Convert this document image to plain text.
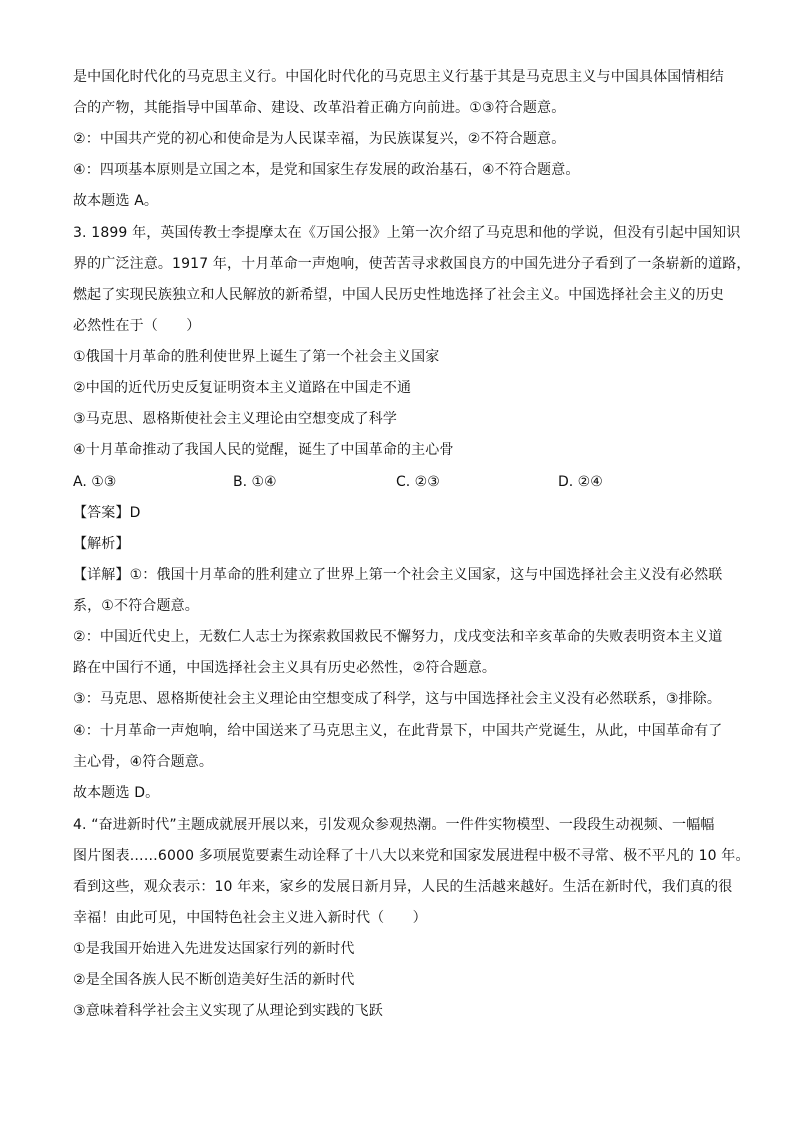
是中国化时代化的马克思主义行。中国化时代化的马克思主义行基于其是马克思主义与中国具体国情相结
合的产物，其能指导中国革命、建设、改革沿着正确方向前进。①③符合题意。
②：中国共产党的初心和使命是为人民谋幸福，为民族谋复兴，②不符合题意。
④：四项基本原则是立国之本，是党和国家生存发展的政治基石，④不符合题意。
故本题选 A。
3. 1899 年，英国传教士李提摩太在《万国公报》上第一次介绍了马克思和他的学说，但没有引起中国知识
界的广泛注意。1917 年，十月革命一声炮响，使苦苦寻求救国良方的中国先进分子看到了一条崭新的道路，
燃起了实现民族独立和人民解放的新希望，中国人民历史性地选择了社会主义。中国选择社会主义的历史
必然性在于（　　）
①俄国十月革命的胜利使世界上诞生了第一个社会主义国家
②中国的近代历史反复证明资本主义道路在中国走不通
③马克思、恩格斯使社会主义理论由空想变成了科学
④十月革命推动了我国人民的觉醒，诞生了中国革命的主心骨
A. ①③	B. ①④	C. ②③	D. ②④
【答案】D
【解析】
【详解】①：俄国十月革命的胜利建立了世界上第一个社会主义国家，这与中国选择社会主义没有必然联
系，①不符合题意。
②：中国近代史上，无数仁人志士为探索救国救民不懈努力，戊戌变法和辛亥革命的失败表明资本主义道
路在中国行不通，中国选择社会主义具有历史必然性，②符合题意。
③：马克思、恩格斯使社会主义理论由空想变成了科学，这与中国选择社会主义没有必然联系，③排除。
④：十月革命一声炮响，给中国送来了马克思主义，在此背景下，中国共产党诞生，从此，中国革命有了
主心骨，④符合题意。
故本题选 D。
4. “奋进新时代”主题成就展开展以来，引发观众参观热潮。一件件实物模型、一段段生动视频、一幅幅
图片图表……6000 多项展览要素生动诠释了十八大以来党和国家发展进程中极不寻常、极不平凡的 10 年。
看到这些，观众表示：10 年来，家乡的发展日新月异，人民的生活越来越好。生活在新时代，我们真的很
幸福！由此可见，中国特色社会主义进入新时代（　　）
①是我国开始进入先进发达国家行列的新时代
②是全国各族人民不断创造美好生活的新时代
③意味着科学社会主义实现了从理论到实践的飞跃
